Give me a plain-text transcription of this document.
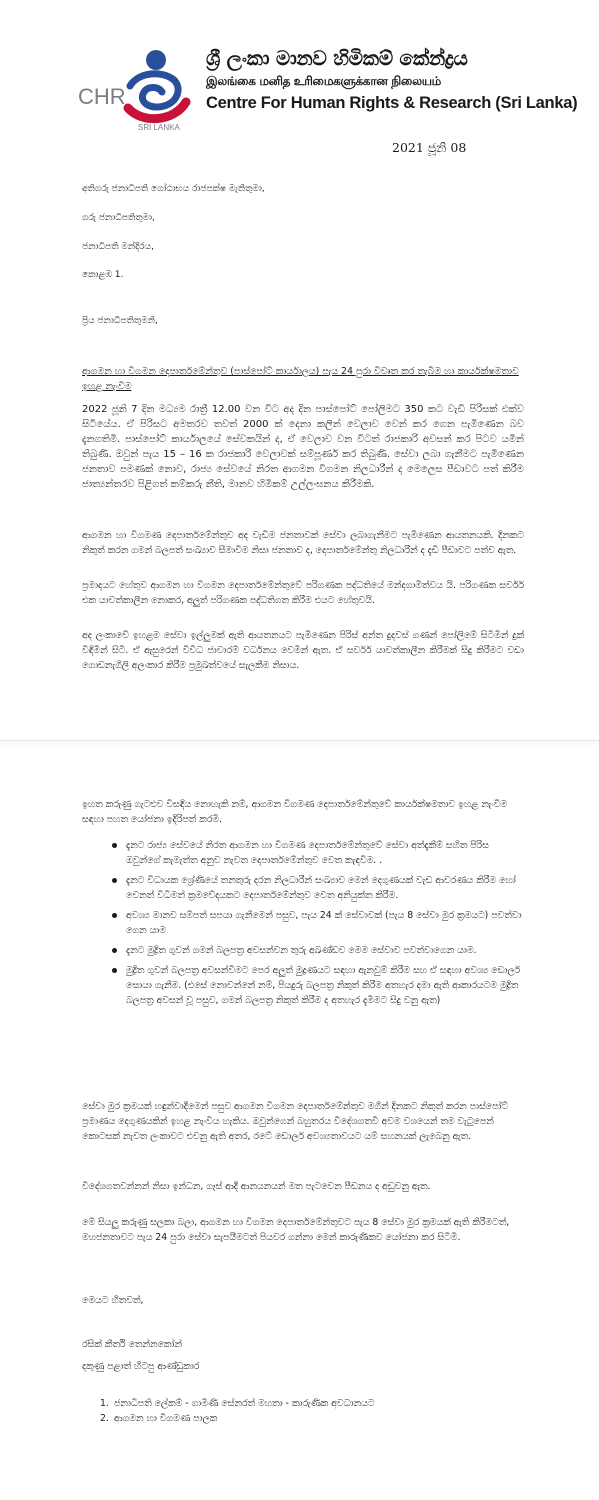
CHR
SRI LANKA
ශ්‍රී ලංකා මානව හිමිකම් කේන්ද්‍රය
இலங்கை மனித உரிமைகளுக்கான நிலையம்
Centre For Human Rights & Research (Sri Lanka)
2021 ජූනි 08
අතිගරු ජනාධිපති ගෝඨාභය රාජපක්ෂ මැතිතුමා,
ගරු ජනාධිපතිතුමා,
ජනාධිපති මන්දිරය,
කොළඹ 1.
ප්‍රිය ජනාධිපතිතුමනි,
ආගමන හා විගමන දෙපාර්තමේන්තුව (පාස්පෝට් කාර්යාලය) පැය 24 පුරා විවෘත කර තැබීම හා කාර්යක්ෂමතාව ඉහළ නැංවීම
2022 ජූනි 7 දින මධ්‍යම රාත්‍රී 12.00 වන විට අද දින පාස්පෝට් පෝලිමට 350 කට වැඩි පිරිසක් එක්ව සිටියේය. ඒ පිරිසට අමතරව තවත් 2000 ක් දෙනා කලින් වෙලාව වෙන් කර ගෙන පැමිණෙන බව දැනගතිමි. පාස්පෝට් කාර්යාලයේ සේවකයින් ද, ඒ වෙලාව වන විටත් රාජකාරි අවසන් කර පිටව යමින් තිබුණි. ඔවුන් පැය 15 – 16 ක රාජකාරි වෙලාවක් සම්පූර්ණ කර තිබුණි. සේවා ලබා ගැනීමට පැමිණෙන ජනතාව පමණක් නොව, රාජ්‍ය සේවයේ නිරත ආගමන විගමන නිලධාරීන් ද මෙලෙස පීඩාවට පත් කිරීම ජාත්‍යන්තරව පිළිගත් කම්කරු නීති, මානව හිමිකම් උල්ලංඝනය කිරීමකි.
ආගමන හා විගමණ දෙපාර්තමේන්තුව අද වැඩිම ජනතාවක් සේවා ලබාගැනීමට පැමිණෙන ආයතනයකි. දිනකට නිකුත් කරන ගමන් බලපත් සංඛ්‍යාව සීමාවීම නිසා ජනතාව ද, දෙපාර්තමේන්තු නිලධාරීන් ද දැඩි පීඩාවට පත්ව ඇත.
ප්‍රමාදයට හේතුව ආගමන හා විගමන දෙපාර්තමේන්තුවේ පරිගණක පද්ධතියේ මන්දගාමීත්වය යි. පරිගණක සර්වර් එක යාවත්කාලීන නොකර, අලුත් පරිගණක පද්ධතිගත කිරීම එයට හේතුවයි.
අද ලංකාවේ ඉහළම සේවා ඉල්ලුමක් ඇති ආයතනයට පැමිණෙන පිරිස් අන්ත දුදවස් ගණන් පෝලිමේ සිටිමින් දුක් විඳිමින් සිටී. ඒ ඇසුරෙන් විවිධ ජාවාරම් වර්ධනය වෙමින් ඇත. ඒ සර්වර් යාවත්කාලීන කිරීමක් සිදු කිරීමට වඩා ගොඩනැගිලි අලංකාර කිරීම ප්‍රමුඛත්වයේ සැලකීම නිසාය.
ඉහත කරුණු ගැටළුව විසඳිය නොහැකි නම්, ආගමන විගමණ දෙපාර්තමේන්තුවේ කාර්යක්ෂමතාව ඉහළ නැංවීම සඳහා පහත යෝජනා ඉදිරිපත් කරමි.
දැනට රාජ්‍ය සේවයේ නිරත ආගමන හා විගමණ දෙපාර්තමේන්තුවේ සේවා අත්දැකීම් සහිත පිරිස ඔවුන්ගේ කැමැත්ත අනුව නැවත දෙපාර්තමේන්තුව වෙත කැඳවීම. .
දැනට විධායක ශ්‍රේණියේ තනතුරු දරන නිලධාරීන් සංඛ්‍යාව මෙන් දෙගුණයක් වැඩ ආවරණය කිරීම හෝ වෙනත් විධිමත් ක්‍රමවේදයකට දෙපාර්තමේන්තුව වෙත අනියුක්ත කිරීම.
අවශ්‍ය මානව සම්පත් සපයා ගැනීමෙන් පසුව, පැය 24 ක් සේවාවක් (පැය 8 සේවා මුර ක්‍රමයට) පවත්වා ගෙන යාම
දැනට මුද්‍රිත ගුවන් ගමන් බලපත්‍ර අවසන්වන තුරු අඛණ්ඩව මෙම සේවාව පවත්වාගෙන යාම.
මුද්‍රිත ගුවන් බලපත්‍ර අවසන්වීමට පෙර අලුත් මුද්‍රණයට සඳහා ඇනවුම් කිරීම සහ ඒ සඳහා අවශ්‍ය ඩොලර් සොයා ගැනීම. (එසේ නොවන්නේ නම්, පියදුරු බලපත්‍ර නිකුත් කිරීම අතහැර දමා ඇති ආකාරයටම මුද්‍රිත බලපත්‍ර අවසන් වූ පසුව, ගමන් බලපත්‍ර නිකුත් කිරීම ද අතහැර දැමීමට සිදු වනු ඇත)
සේවා මුර ක්‍රමයක් හඳුන්වාදීමෙන් පසුව ආගමන විගමන දෙපාර්තමේන්තුව මගින් දිනකට නිකුත් කරන පාස්පෝට් ප්‍රමාණය දෙගුණයකින් ඉහළ නැංවිය හැකිය. ඔවුන්ගෙන් බහුතරය විදේශගතවී අවම වශයෙන් තම වැටුපෙන් කොටසක් නැවත ලංකාවට එවනු ඇති අතර, රටේ ඩොලර් අවශ්‍යතාවයට යම් සහනයක් ලැබෙනු ඇත.
විදේශගතවන්නන් නිසා ඉන්ධන, ගෑස් ආදී ආනයනයන් මත පැටවෙන පීඩනය ද අඩුවනු ඇත.
මේ සියලු කරුණු සලකා බලා, ආගමන හා විගමන දෙපාර්තමේන්තුවට පැය 8 සේවා මුර ක්‍රමයක් ඇති කිරීමටත්, මහජනතාවට පැය 24 පුරා සේවා සැපයීමටත් පියවර ගන්නා මෙන් කාරුණිකව යෝජනා කර සිටිමි.
මෙයට හිතවත්,
රසික් කීර්ති තෙන්නකෝන්
දකුණු පළාත් හිටපු ආණ්ඩුකාර
1. ජනාධිපති ලේකම් - ගාමිණී සේනරත් මහතා - කාරුණික අවධානයට
2. ආගමන හා විගමණ පාලක
